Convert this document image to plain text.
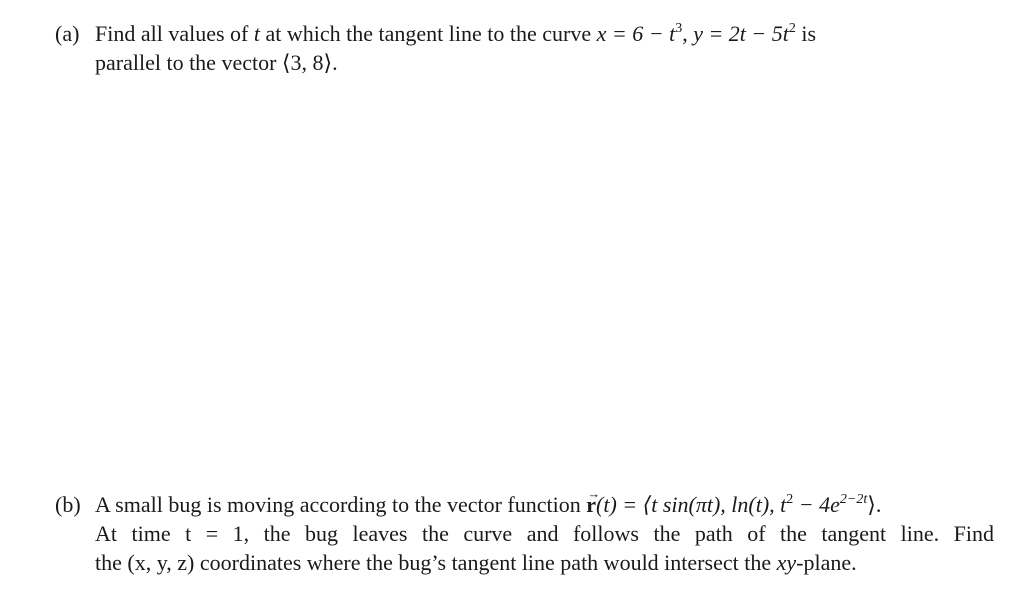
(a) Find all values of t at which the tangent line to the curve $x = 6 - t^3$, $y = 2t - 5t^2$ is
parallel to the vector ⟨3, 8⟩.
(b) A small bug is moving according to the vector function → r(t) = ⟨t sin(πt), ln(t), $t^2$ − $4e^{2-2t}⟩$.
At time t = 1, the bug leaves the curve and follows the path of the tangent line. Find
the (x, y, z) coordinates where the bug’s tangent line path would intersect the xy-plane.
